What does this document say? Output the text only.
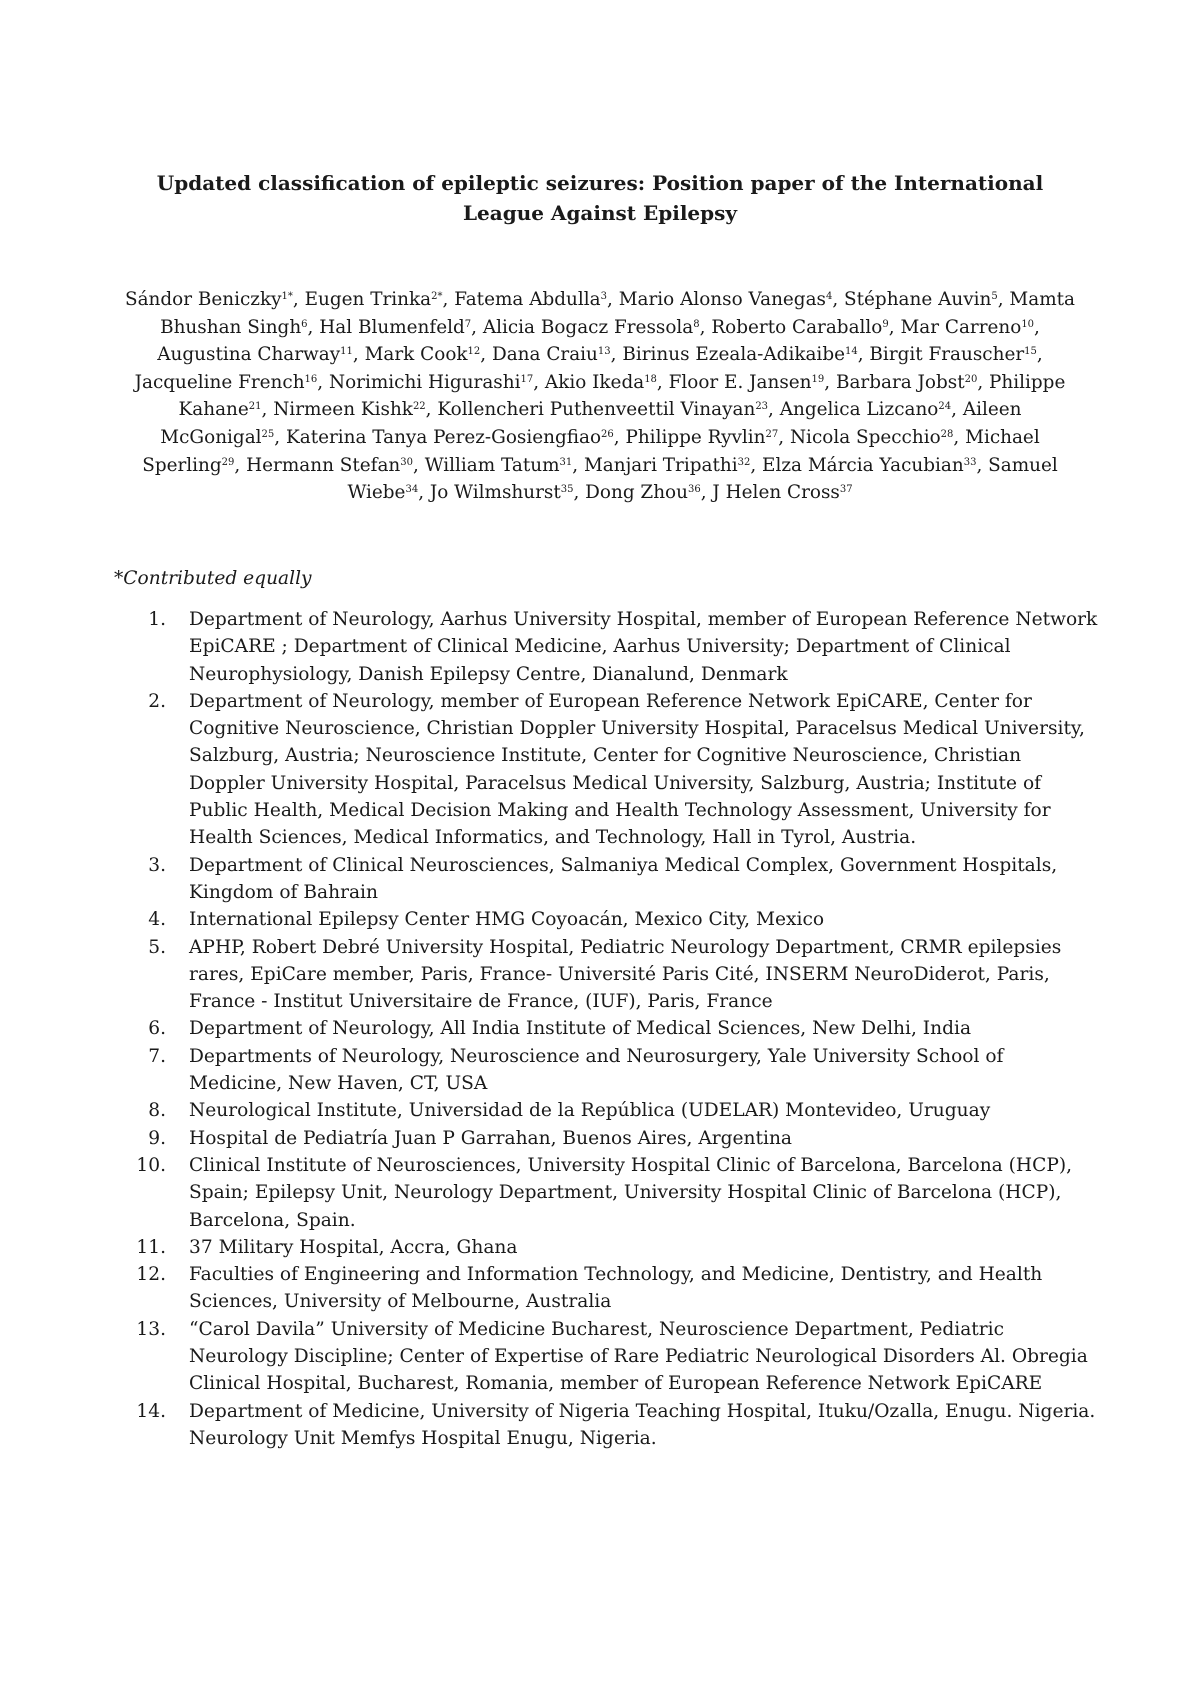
Updated classification of epileptic seizures: Position paper of the International League Against Epilepsy
Sándor Beniczky$^{1*}$, Eugen Trinka$^{2*}$, Fatema Abdulla$^3$, Mario Alonso Vanegas$^4$, Stéphane Auvin$^5$, Mamta Bhushan Singh$^6$, Hal Blumenfeld$^7$, Alicia Bogacz Fressola$^8$, Roberto Caraballo$^9$, Mar Carreno$^{10}$, Augustina Charway$^{11}$, Mark Cook$^{12}$, Dana Craiu$^{13}$, Birinus Ezeala-Adikaibe$^{14}$, Birgit Frauscher$^{15}$, Jacqueline French$^{16}$, Norimichi Higurashi$^{17}$, Akio Ikeda$^{18}$, Floor E. Jansen$^{19}$, Barbara Jobst$^{20}$, Philippe Kahane$^{21}$, Nirmeen Kishk$^{22}$, Kollencheri Puthenveettil Vinayan$^{23}$, Angelica Lizcano$^{24}$, Aileen McGonigal$^{25}$, Katerina Tanya Perez-Gosiengfiao$^{26}$, Philippe Ryvlin$^{27}$, Nicola Specchio$^{28}$, Michael Sperling$^{29}$, Hermann Stefan$^{30}$, William Tatum$^{31}$, Manjari Tripathi$^{32}$, Elza Márcia Yacubian$^{33}$, Samuel Wiebe$^{34}$, Jo Wilmshurst$^{35}$, Dong Zhou$^{36}$, J Helen Cross$^{37}$
*Contributed equally
1. Department of Neurology, Aarhus University Hospital, member of European Reference Network EpiCARE ; Department of Clinical Medicine, Aarhus University; Department of Clinical Neurophysiology, Danish Epilepsy Centre, Dianalund, Denmark
2. Department of Neurology, member of European Reference Network EpiCARE, Center for Cognitive Neuroscience, Christian Doppler University Hospital, Paracelsus Medical University, Salzburg, Austria; Neuroscience Institute, Center for Cognitive Neuroscience, Christian Doppler University Hospital, Paracelsus Medical University, Salzburg, Austria; Institute of Public Health, Medical Decision Making and Health Technology Assessment, University for Health Sciences, Medical Informatics, and Technology, Hall in Tyrol, Austria.
3. Department of Clinical Neurosciences, Salmaniya Medical Complex, Government Hospitals, Kingdom of Bahrain
4. International Epilepsy Center HMG Coyoacán, Mexico City, Mexico
5. APHP, Robert Debré University Hospital, Pediatric Neurology Department, CRMR epilepsies rares, EpiCare member, Paris, France- Université Paris Cité, INSERM NeuroDiderot, Paris, France - Institut Universitaire de France, (IUF), Paris, France
6. Department of Neurology, All India Institute of Medical Sciences, New Delhi, India
7. Departments of Neurology, Neuroscience and Neurosurgery, Yale University School of Medicine, New Haven, CT, USA
8. Neurological Institute, Universidad de la República (UDELAR) Montevideo, Uruguay
9. Hospital de Pediatría Juan P Garrahan, Buenos Aires, Argentina
10. Clinical Institute of Neurosciences, University Hospital Clinic of Barcelona, Barcelona (HCP), Spain; Epilepsy Unit, Neurology Department, University Hospital Clinic of Barcelona (HCP), Barcelona, Spain.
11. 37 Military Hospital, Accra, Ghana
12. Faculties of Engineering and Information Technology, and Medicine, Dentistry, and Health Sciences, University of Melbourne, Australia
13. “Carol Davila” University of Medicine Bucharest, Neuroscience Department, Pediatric Neurology Discipline; Center of Expertise of Rare Pediatric Neurological Disorders Al. Obregia Clinical Hospital, Bucharest, Romania, member of European Reference Network EpiCARE
14. Department of Medicine, University of Nigeria Teaching Hospital, Ituku/Ozalla, Enugu. Nigeria. Neurology Unit Memfys Hospital Enugu, Nigeria.
